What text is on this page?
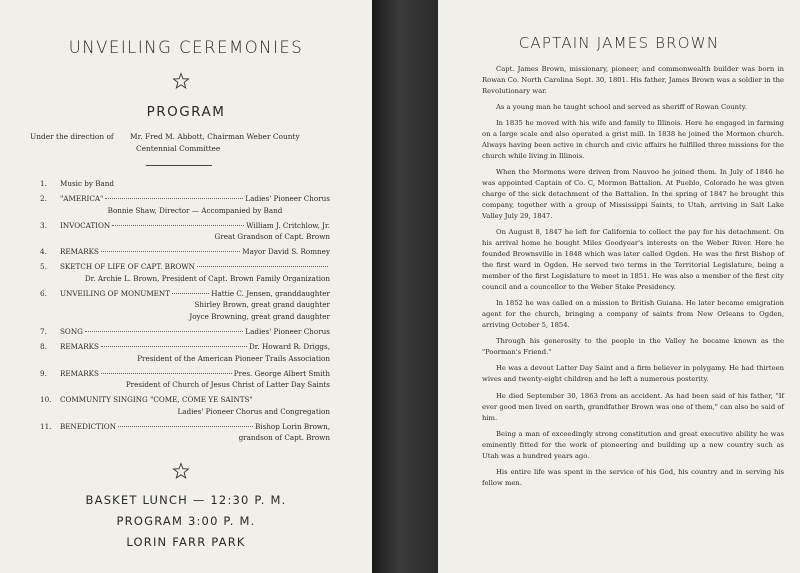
UNVEILING CEREMONIES
PROGRAM
Under the direction of	Mr. Fred M. Abbott, Chairman Weber County
Centennial Committee
1.	Music by Band
2.	"AMERICA"	Ladies' Pioneer Chorus
Bonnie Shaw, Director — Accompanied by Band
3.	INVOCATION	William J. Critchlow, Jr.
Great Grandson of Capt. Brown
4.	REMARKS	Mayor David S. Romney
5.	SKETCH OF LIFE OF CAPT. BROWN
Dr. Archie L. Brown, President of Capt. Brown Family Organization
6.	UNVEILING OF MONUMENT	Hattie C. Jensen, granddaughter
Shirley Brown, great grand daughter
Joyce Browning, great grand daughter
7.	SONG	Ladies' Pioneer Chorus
8.	REMARKS	Dr. Howard R. Driggs,
President of the American Pioneer Trails Association
9.	REMARKS	Pres. George Albert Smith
President of Church of Jesus Christ of Latter Day Saints
10.	COMMUNITY SINGING "COME, COME YE SAINTS"
Ladies' Pioneer Chorus and Congregation
11.	BENEDICTION	Bishop Lorin Brown,
grandson of Capt. Brown
BASKET LUNCH — 12:30 P. M.
PROGRAM 3:00 P. M.
LORIN FARR PARK
CAPTAIN JAMES BROWN

Capt. James Brown, missionary, pioneer, and commonwealth builder was born in Rowan Co. North Carolina Sept. 30, 1801. His father, James Brown was a soldier in the Revolutionary war.

As a young man he taught school and served as sheriff of Rowan County.

In 1835 he moved with his wife and family to Illinois. Here he engaged in farming on a large scale and also operated a grist mill. In 1838 he joined the Mormon church. Always having been active in church and civic affairs he fulfilled three missions for the church while living in Illinois.

When the Mormons were driven from Nauvoo he joined them. In July of 1846 he was appointed Captain of Co. C, Mormon Battalion. At Pueblo, Colorado he was given charge of the sick detachment of the Battalion. In the spring of 1847 he brought this company, together with a group of Mississippi Saints, to Utah, arriving in Salt Lake Valley July 29, 1847.

On August 8, 1847 he left for California to collect the pay for his detachment. On his arrival home he bought Miles Goodyear's interests on the Weber River. Here he founded Brownsville in 1848 which was later called Ogden. He was the first Bishop of the first ward in Ogden. He served two terms in the Territorial Legislature, being a member of the first Legislature to meet in 1851. He was also a member of the first city council and a councellor to the Weber Stake Presidency.

In 1852 he was called on a mission to British Guiana. He later became emigration agent for the church, bringing a company of saints from New Orleans to Ogden, arriving October 5, 1854.

Through his generosity to the people in the Valley he became known as the "Poorman's Friend."

He was a devout Latter Day Saint and a firm believer in polygamy. He had thirteen wives and twenty-eight children and he left a numerous posterity.

He died September 30, 1863 from an accident. As had been said of his father, "If ever good men lived on earth, grandfather Brown was one of them," can also be said of him.

Being a man of exceedingly strong constitution and great executive ability he was eminently fitted for the work of pioneering and building up a new country such as Utah was a hundred years ago.

His entire life was spent in the service of his God, his country and in serving his fellow men.
